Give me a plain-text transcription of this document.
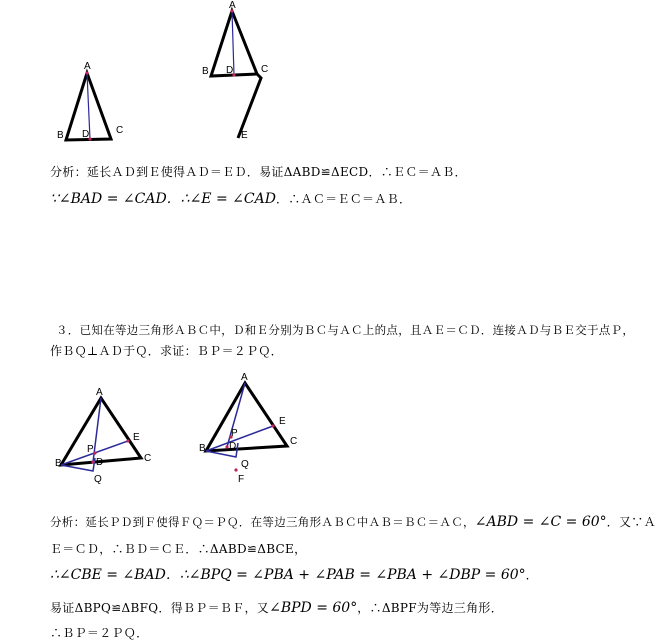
A
B	C
D
A
B	C
D
E
A
B	C
D
E
P
Q
A
B
C
D
E
P
Q
F
分析：延长ＡＤ到Ｅ使得ＡＤ＝ＥＤ．易证ΔABD≌ΔECD．∴ＥＣ＝ＡＢ．
∵∠BAD = ∠CAD．∴∠E = ∠CAD．∴ＡＣ＝ＥＣ＝ＡＢ．
３．已知在等边三角形ＡＢＣ中，Ｄ和Ｅ分别为ＢＣ与ＡＣ上的点，且ＡＥ＝ＣＤ．连接ＡＤ与ＢＥ交于点Ｐ，
作ＢＱ⊥ＡＤ于Ｑ．求证：ＢＰ＝２ＰＱ．
分析：延长ＰＤ到Ｆ使得ＦＱ＝ＰＱ．在等边三角形ＡＢＣ中ＡＢ＝ＢＣ＝ＡＣ，∠ABD = ∠C = 60°．又∵Ａ
Ｅ＝ＣＤ，∴ＢＤ＝ＣＥ．∴ΔABD≌ΔBCE，
∴∠CBE = ∠BAD．∴∠BPQ = ∠PBA + ∠PAB = ∠PBA + ∠DBP = 60°．
易证ΔBPQ≌ΔBFQ．得ＢＰ＝ＢＦ，又∠BPD = 60°，∴ΔBPF为等边三角形．
∴ＢＰ＝２ＰＱ．
